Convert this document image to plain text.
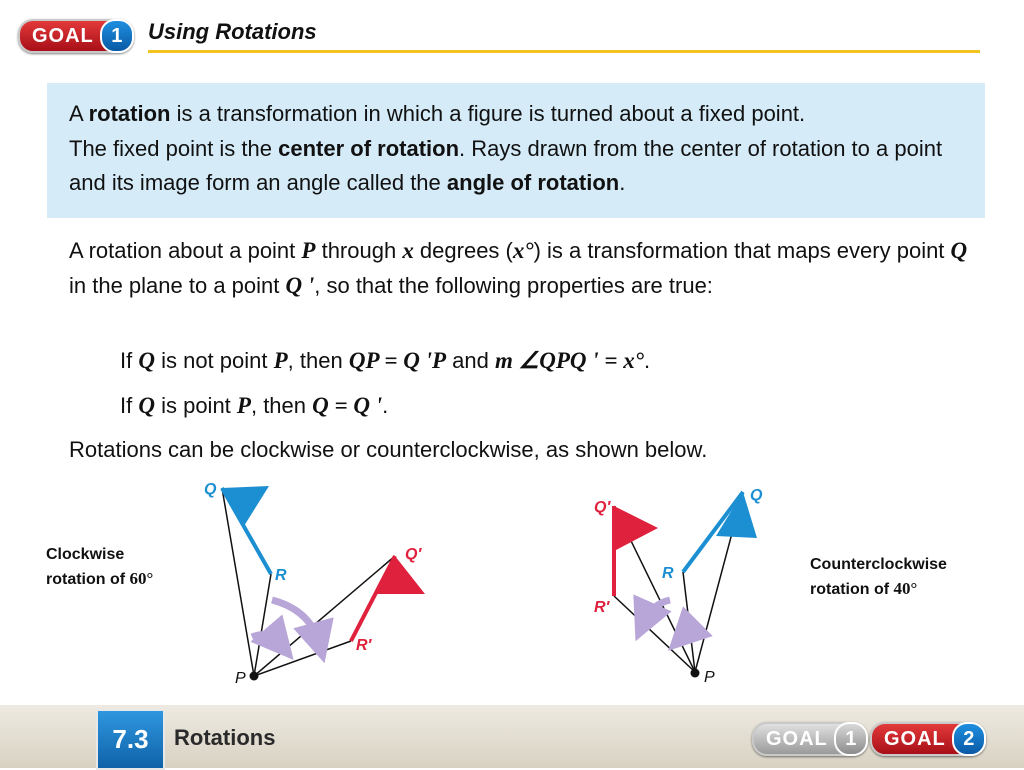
GOAL 1	Using Rotations
A rotation is a transformation in which a figure is turned about a fixed point.
The fixed point is the center of rotation. Rays drawn from the center of rotation to a point and its image form an angle called the angle of rotation.
A rotation about a point P through x degrees (x°) is a transformation that maps every point Q in the plane to a point Q ', so that the following properties are true:
If Q is not point P, then QP = Q 'P and m ∠QPQ ' = x°.
If Q is point P, then Q = Q '.
Rotations can be clockwise or counterclockwise, as shown below.
Clockwise
rotation of 60°
Counterclockwise
rotation of 40°
Q
R
Q′
R′
P
Q′
R′
R
Q
P
7.3	Rotations	GOAL 1	GOAL 2
